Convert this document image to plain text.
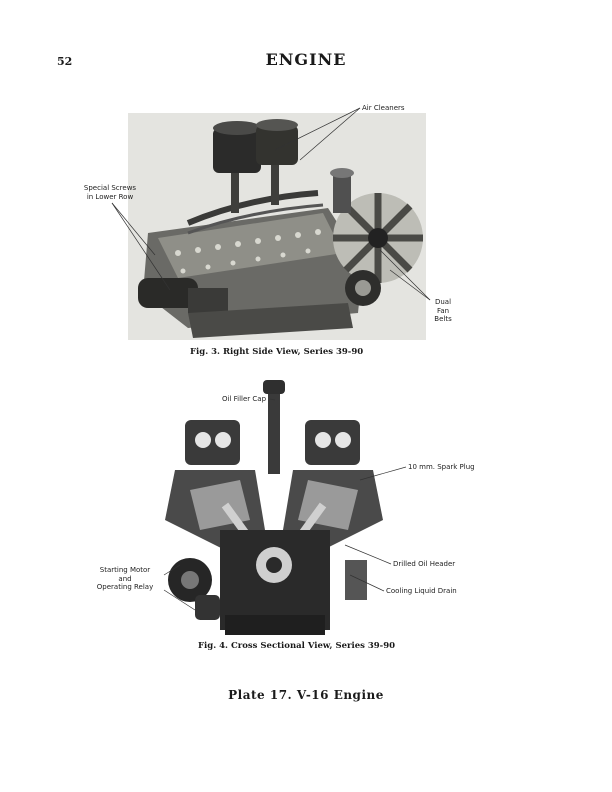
52	ENGINE
Fig. 3. Right Side View, Series 39-90
Air Cleaners
Special Screws
in Lower Row
Dual
Fan
Belts
Fig. 4. Cross Sectional View, Series 39-90
Oil Filler Cap
10 mm. Spark Plug
Drilled Oil Header
Cooling Liquid Drain
Starting Motor
and
Operating Relay
Plate 17. V-16 Engine
